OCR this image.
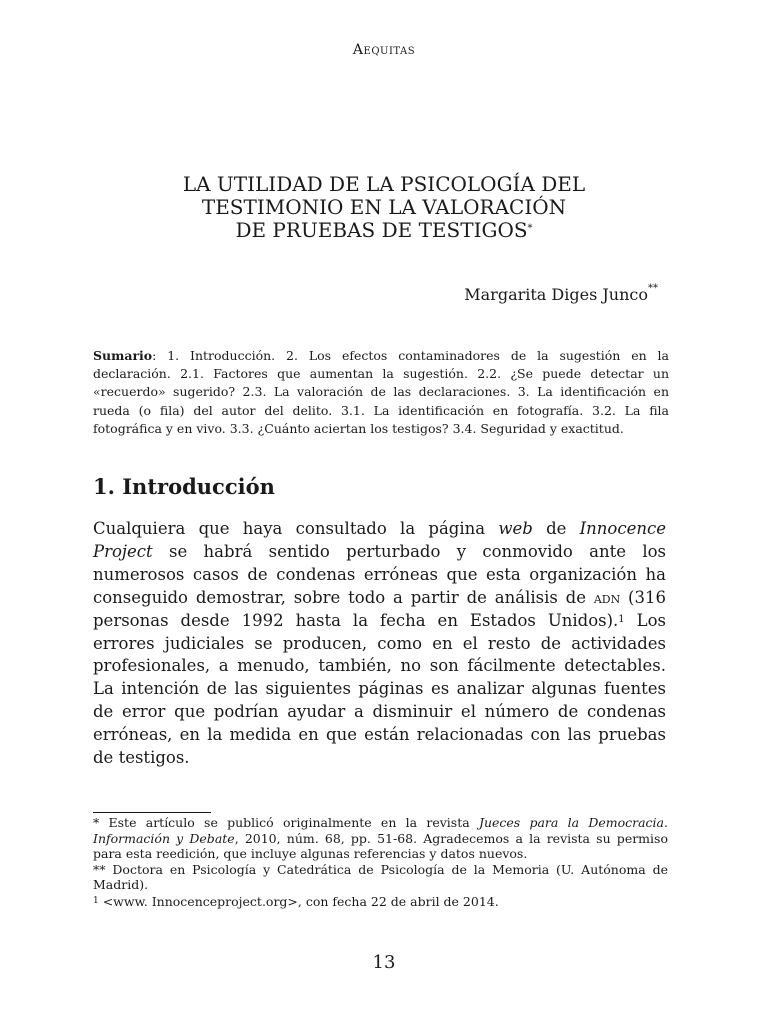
Aequitas
LA UTILIDAD DE LA PSICOLOGÍA DEL
TESTIMONIO EN LA VALORACIÓN
DE PRUEBAS DE TESTIGOS*
Margarita Diges Junco**

Sumario: 1. Introducción. 2. Los efectos contaminadores de la sugestión en la declaración. 2.1. Factores que aumentan la sugestión. 2.2. ¿Se puede detectar un «recuerdo» sugerido? 2.3. La valoración de las declaraciones. 3. La identificación en rueda (o fila) del autor del delito. 3.1. La identificación en fotografía. 3.2. La fila fotográfica y en vivo. 3.3. ¿Cuánto aciertan los testigos? 3.4. Seguridad y exactitud.

1. Introducción

Cualquiera que haya consultado la página web de Innocence Project se habrá sentido perturbado y conmovido ante los numerosos casos de condenas erróneas que esta organización ha conseguido demostrar, sobre todo a partir de análisis de adn (316 personas desde 1992 hasta la fecha en Estados Unidos).$^1$ Los errores judiciales se producen, como en el resto de actividades profesionales, a menudo, también, no son fácilmente detectables. La intención de las siguientes páginas es analizar algunas fuentes de error que podrían ayudar a disminuir el número de condenas erróneas, en la medida en que están relacionadas con las pruebas de testigos.

* Este artículo se publicó originalmente en la revista Jueces para la Democracia. Información y Debate, 2010, núm. 68, pp. 51-68. Agradecemos a la revista su permiso para esta reedición, que incluye algunas referencias y datos nuevos.

** Doctora en Psicología y Catedrática de Psicología de la Memoria (U. Autónoma de Madrid).

$^1$ <www. Innocenceproject.org>, con fecha 22 de abril de 2014.

13
